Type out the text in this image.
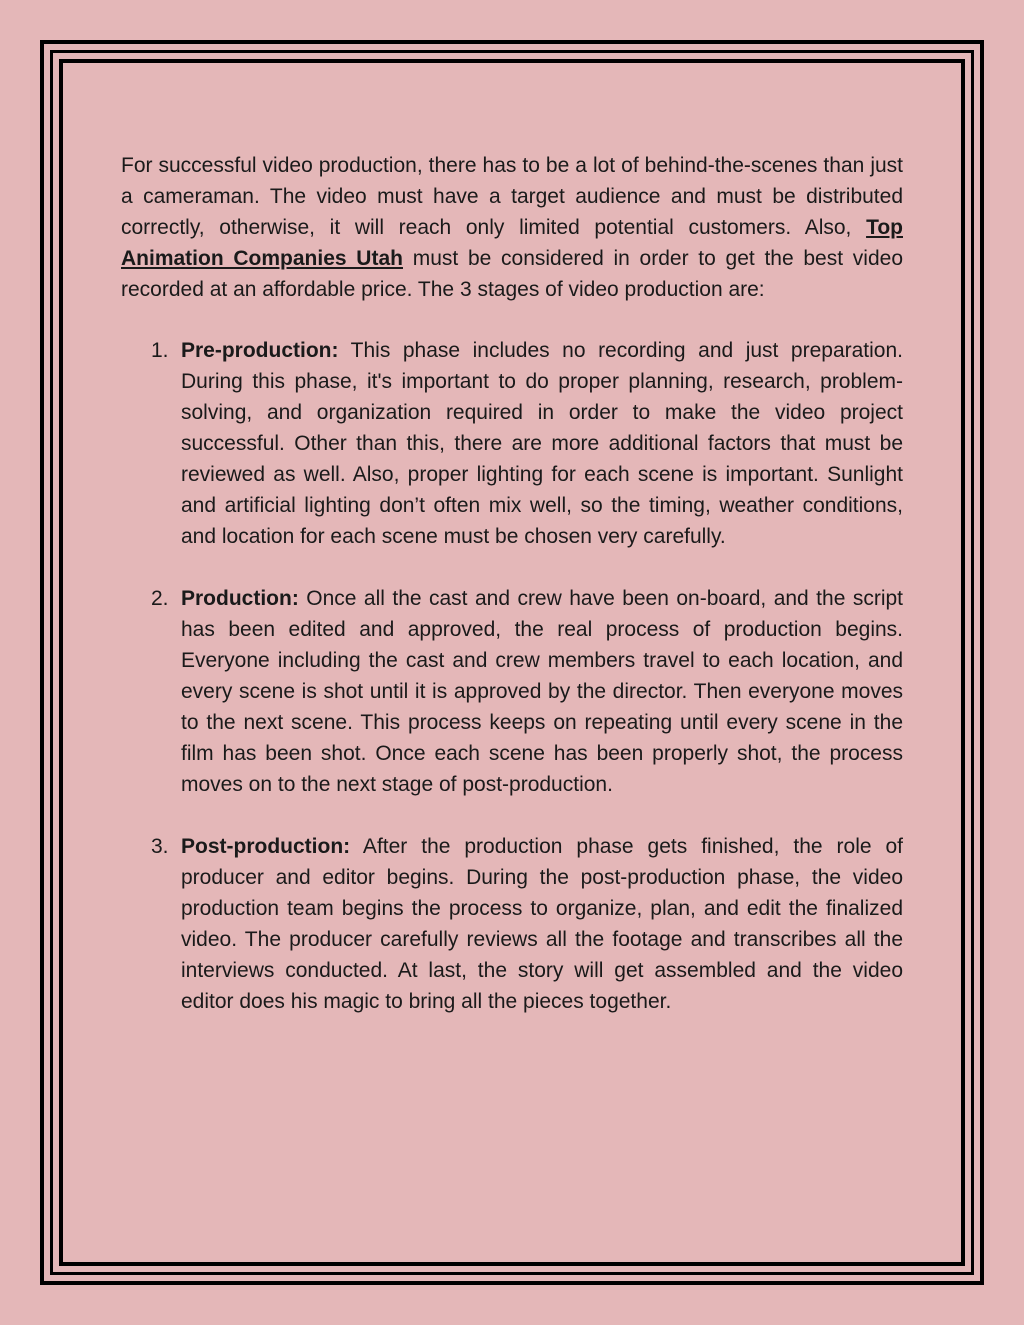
For successful video production, there has to be a lot of behind-the-scenes than just a cameraman. The video must have a target audience and must be distributed correctly, otherwise, it will reach only limited potential customers. Also, Top Animation Companies Utah must be considered in order to get the best video recorded at an affordable price. The 3 stages of video production are:

1. Pre-production: This phase includes no recording and just preparation. During this phase, it's important to do proper planning, research, problem-solving, and organization required in order to make the video project successful. Other than this, there are more additional factors that must be reviewed as well. Also, proper lighting for each scene is important. Sunlight and artificial lighting don’t often mix well, so the timing, weather conditions, and location for each scene must be chosen very carefully.
2. Production: Once all the cast and crew have been on-board, and the script has been edited and approved, the real process of production begins. Everyone including the cast and crew members travel to each location, and every scene is shot until it is approved by the director. Then everyone moves to the next scene. This process keeps on repeating until every scene in the film has been shot. Once each scene has been properly shot, the process moves on to the next stage of post-production.
3. Post-production: After the production phase gets finished, the role of producer and editor begins. During the post-production phase, the video production team begins the process to organize, plan, and edit the finalized video. The producer carefully reviews all the footage and transcribes all the interviews conducted. At last, the story will get assembled and the video editor does his magic to bring all the pieces together.
